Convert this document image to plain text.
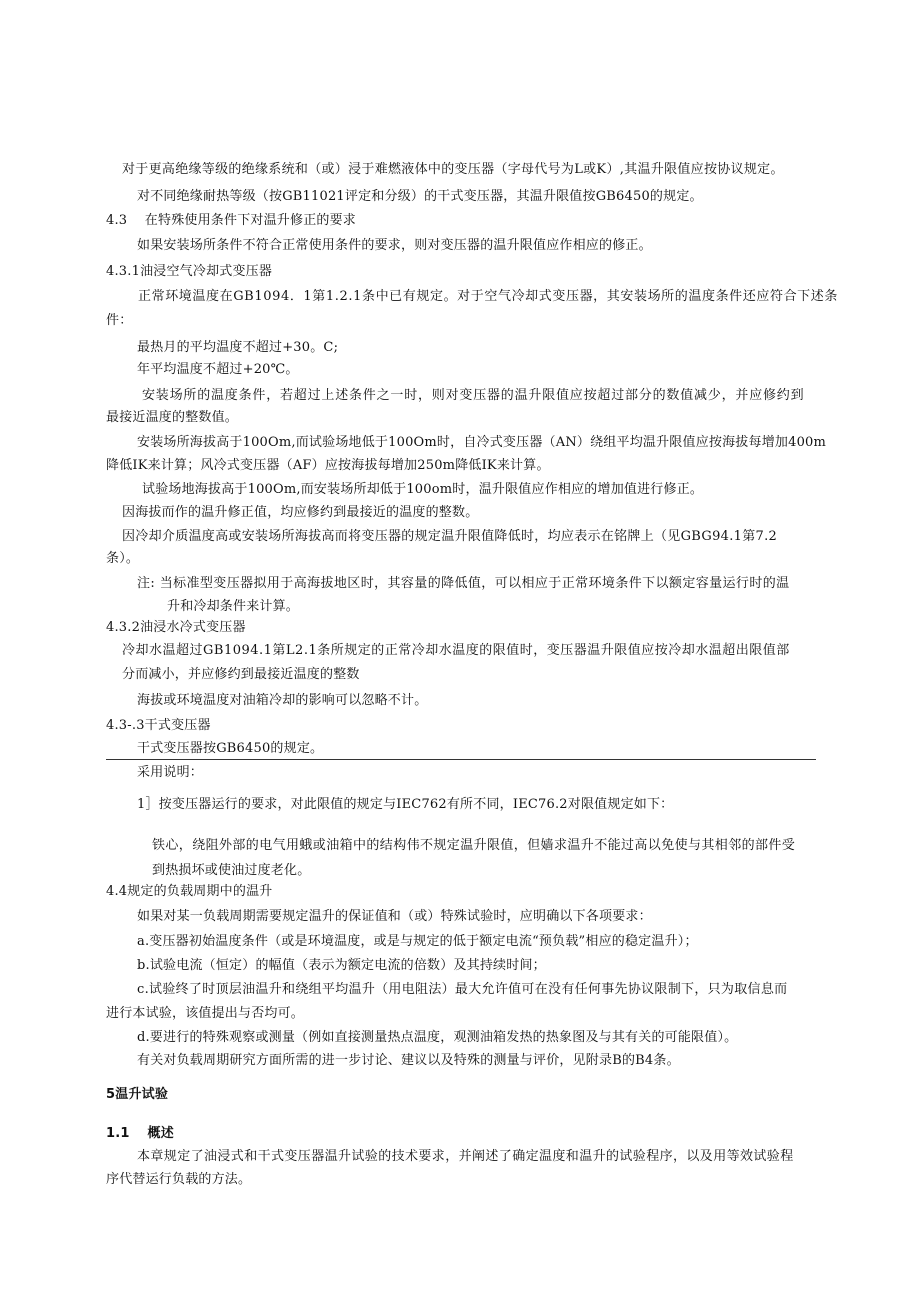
对于更高绝缘等级的绝缘系统和（或）浸于难燃液体中的变压器（字母代号为L或K）,其温升限值应按协议规定。
对不同绝缘耐热等级（按GB11021评定和分级）的干式变压器，其温升限值按GB6450的规定。
4.3　 在特殊使用条件下对温升修正的要求
如果安装场所条件不符合正常使用条件的要求，则对变压器的温升限值应作相应的修正。
4.3.1油浸空气冷却式变压器
正常环境温度在GB1094．1第1.2.1条中已有规定。对于空气冷却式变压器，其安装场所的温度条件还应符合下述条
件：
最热月的平均温度不超过+30。C;
年平均温度不超过+20℃。
安装场所的温度条件，若超过上述条件之一时，则对变压器的温升限值应按超过部分的数值减少，并应修约到
最接近温度的整数值。
安装场所海拔高于100Om,而试验场地低于100Om时，自冷式变压器（AN）绕组平均温升限值应按海拔每增加400m
降低IK来计算；风冷式变压器（AF）应按海拔每增加250m降低IK来计算。
试验场地海拔高于100Om,而安装场所却低于100om时，温升限值应作相应的增加值进行修正。
因海拔而作的温升修正值，均应修约到最接近的温度的整数。
因冷却介质温度高或安装场所海拔高而将变压器的规定温升限值降低时，均应表示在铭牌上（见GBG94.1第7.2
条）。
注: 当标准型变压器拟用于高海拔地区时，其容量的降低值，可以相应于正常环境条件下以额定容量运行时的温
升和冷却条件来计算。
4.3.2油浸水冷式变压器
冷却水温超过GB1094.1第L2.1条所规定的正常冷却水温度的限值时，变压器温升限值应按冷却水温超出限值部
分而减小，并应修约到最接近温度的整数
海拔或环境温度对油箱冷却的影响可以忽略不计。
4.3-.3干式变压器
干式变压器按GB6450的规定。
采用说明：
1］按变压器运行的要求，对此限值的规定与IEC762有所不同，IEC76.2对限值规定如下：
铁心，绕阻外部的电气用蛾或油箱中的结构伟不规定温升限值，但嫱求温升不能过高以免使与其相邻的部件受
到热损坏或使油过度老化。
4.4规定的负载周期中的温升
如果对某一负载周期需要规定温升的保证值和（或）特殊试验时，应明确以下各项要求：
a.变压器初始温度条件（或是环境温度，或是与规定的低于额定电流“预负载”相应的稳定温升）；
b.试验电流（恒定）的幅值（表示为额定电流的倍数）及其持续时间；
c.试验终了时顶层油温升和绕组平均温升（用电阻法）最大允许值可在没有任何事先协议限制下，只为取信息而
进行本试验，该值提出与否均可。
d.要进行的特殊观察或测量（例如直接测量热点温度，观测油箱发热的热象图及与其有关的可能限值）。
有关对负载周期研究方面所需的进一步讨论、建议以及特殊的测量与评价，见附录B的B4条。
5温升试验
1.1　 概述
本章规定了油浸式和干式变压器温升试验的技术要求，并阐述了确定温度和温升的试验程序，以及用等效试验程
序代替运行负载的方法。
